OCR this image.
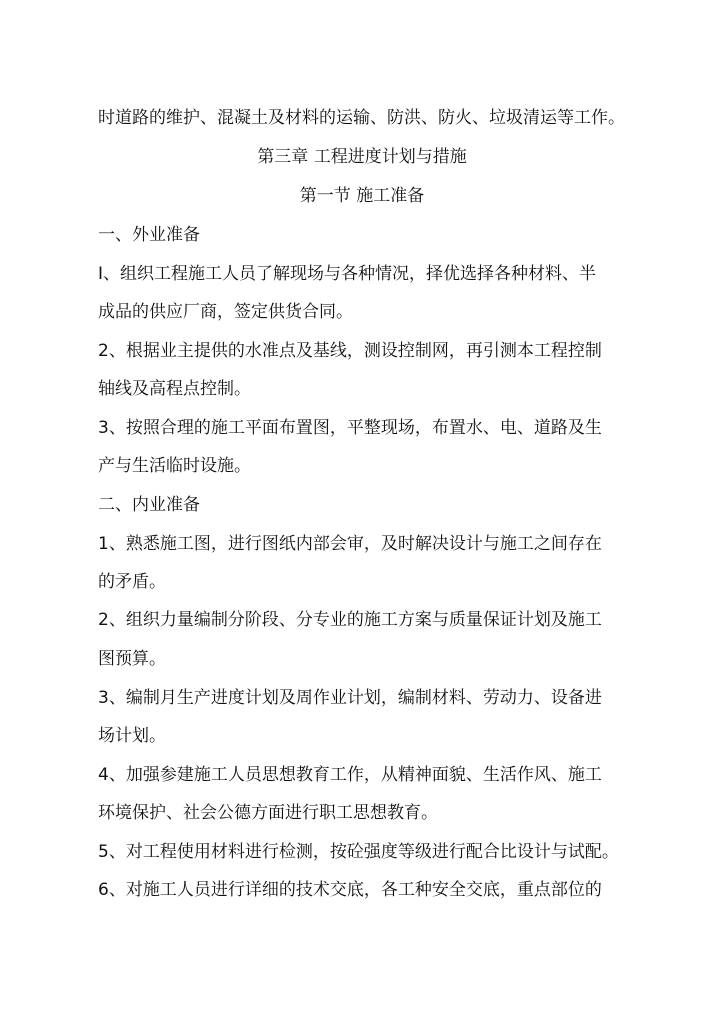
时道路的维护、混凝土及材料的运输、防洪、防火、垃圾清运等工作。
第三章 工程进度计划与措施
第一节 施工准备
一、外业准备
I、组织工程施工人员了解现场与各种情况，择优选择各种材料、半
成品的供应厂商，签定供货合同。
2、根据业主提供的水准点及基线，测设控制网，再引测本工程控制
轴线及高程点控制。
3、按照合理的施工平面布置图，平整现场，布置水、电、道路及生
产与生活临时设施。
二、内业准备
1、熟悉施工图，进行图纸内部会审，及时解决设计与施工之间存在
的矛盾。
2、组织力量编制分阶段、分专业的施工方案与质量保证计划及施工
图预算。
3、编制月生产进度计划及周作业计划，编制材料、劳动力、设备进
场计划。
4、加强参建施工人员思想教育工作，从精神面貌、生活作风、施工
环境保护、社会公德方面进行职工思想教育。
5、对工程使用材料进行检测，按砼强度等级进行配合比设计与试配。
6、对施工人员进行详细的技术交底，各工种安全交底，重点部位的
